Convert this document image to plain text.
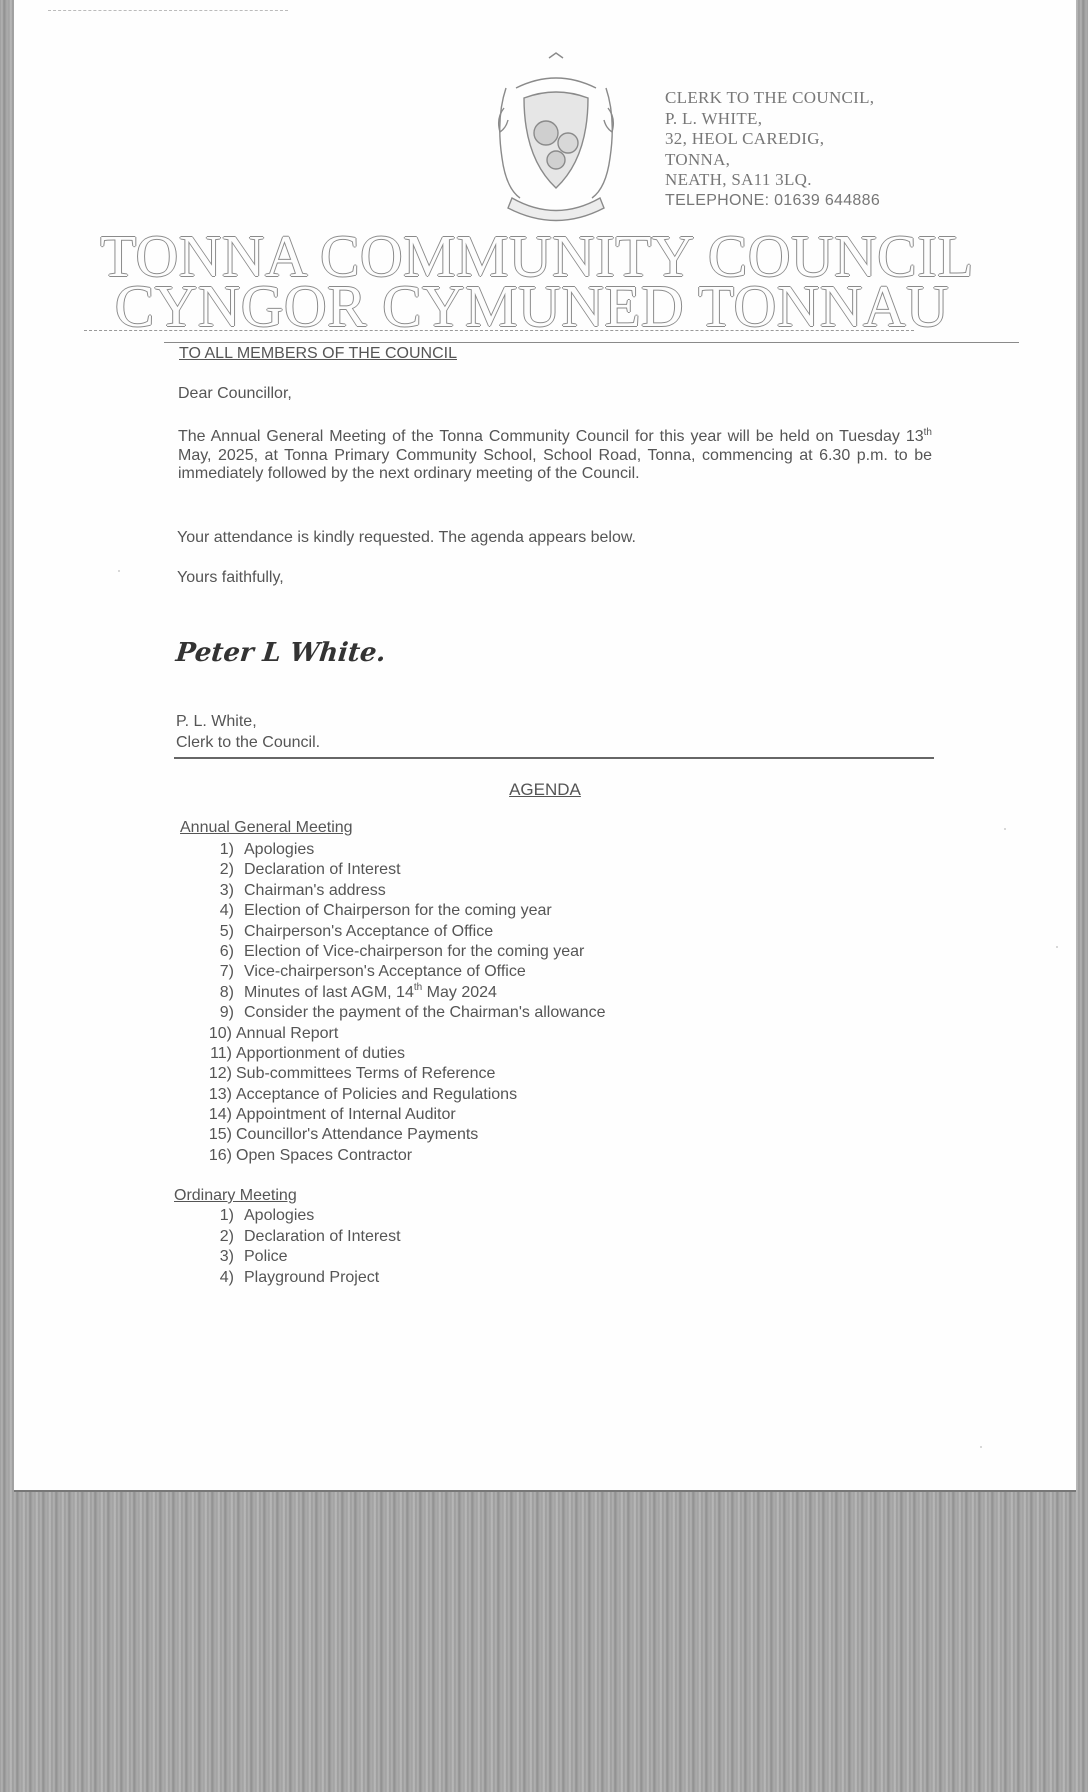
CLERK TO THE COUNCIL,
P. L. WHITE,
32, HEOL CAREDIG,
TONNA,
NEATH, SA11 3LQ.
TELEPHONE: 01639 644886
TONNA COMMUNITY COUNCIL
CYNGOR CYMUNED TONNAU
TO ALL MEMBERS OF THE COUNCIL
Dear Councillor,
The Annual General Meeting of the Tonna Community Council for this year will be held on Tuesday 13th May, 2025, at Tonna Primary Community School, School Road, Tonna, commencing at 6.30 p.m. to be immediately followed by the next ordinary meeting of the Council.
Your attendance is kindly requested. The agenda appears below.
Yours faithfully,
Peter L White.
P. L. White,
Clerk to the Council.
AGENDA
Annual General Meeting
1) Apologies
2) Declaration of Interest
3) Chairman's address
4) Election of Chairperson for the coming year
5) Chairperson's Acceptance of Office
6) Election of Vice-chairperson for the coming year
7) Vice-chairperson's Acceptance of Office
8) Minutes of last AGM, 14th May 2024
9) Consider the payment of the Chairman's allowance
10) Annual Report
11) Apportionment of duties
12) Sub-committees Terms of Reference
13) Acceptance of Policies and Regulations
14) Appointment of Internal Auditor
15) Councillor's Attendance Payments
16) Open Spaces Contractor
Ordinary Meeting
1) Apologies
2) Declaration of Interest
3) Police
4) Playground Project
